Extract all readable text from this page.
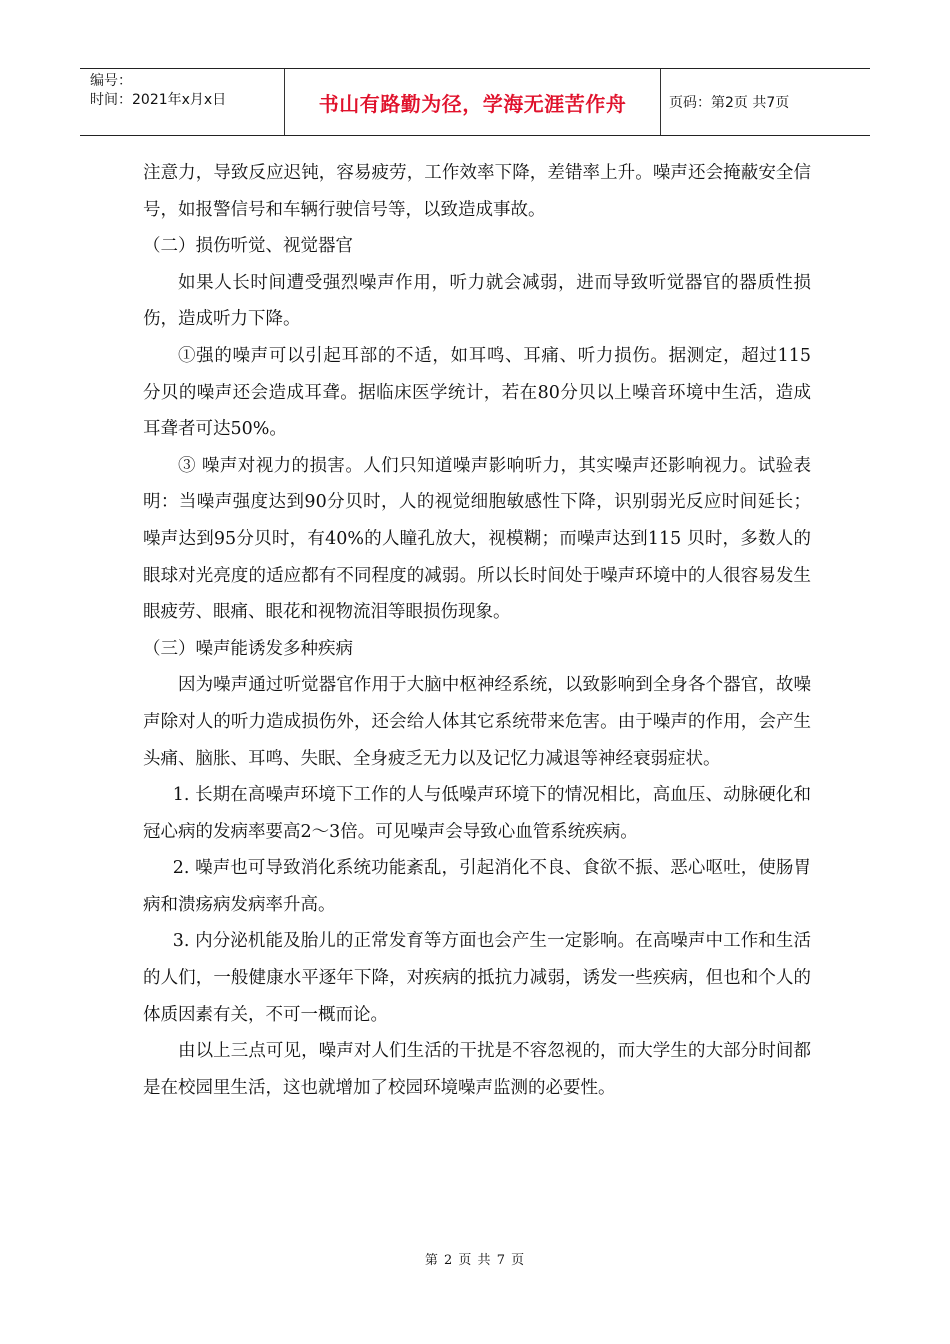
编号：
时间：2021年x月x日	书山有路勤为径，学海无涯苦作舟	页码：第2页 共7页

注意力，导致反应迟钝，容易疲劳，工作效率下降，差错率上升。噪声还会掩蔽安全信号，如报警信号和车辆行驶信号等，以致造成事故。

（二）损伤听觉、视觉器官

如果人长时间遭受强烈噪声作用，听力就会减弱，进而导致听觉器官的器质性损伤，造成听力下降。

①强的噪声可以引起耳部的不适，如耳鸣、耳痛、听力损伤。据测定，超过115 分贝的噪声还会造成耳聋。据临床医学统计，若在80分贝以上噪音环境中生活，造成耳聋者可达50%。

③ 噪声对视力的损害。人们只知道噪声影响听力，其实噪声还影响视力。试验表明：当噪声强度达到90分贝时，人的视觉细胞敏感性下降，识别弱光反应时间延长；噪声达到95分贝时，有40%的人瞳孔放大，视模糊；而噪声达到115 贝时，多数人的眼球对光亮度的适应都有不同程度的减弱。所以长时间处于噪声环境中的人很容易发生眼疲劳、眼痛、眼花和视物流泪等眼损伤现象。

（三）噪声能诱发多种疾病

因为噪声通过听觉器官作用于大脑中枢神经系统，以致影响到全身各个器官，故噪声除对人的听力造成损伤外，还会给人体其它系统带来危害。由于噪声的作用，会产生头痛、脑胀、耳鸣、失眠、全身疲乏无力以及记忆力减退等神经衰弱症状。

1. 长期在高噪声环境下工作的人与低噪声环境下的情况相比，高血压、动脉硬化和冠心病的发病率要高2～3倍。可见噪声会导致心血管系统疾病。

2. 噪声也可导致消化系统功能紊乱，引起消化不良、食欲不振、恶心呕吐，使肠胃病和溃疡病发病率升高。

3. 内分泌机能及胎儿的正常发育等方面也会产生一定影响。在高噪声中工作和生活的人们，一般健康水平逐年下降，对疾病的抵抗力减弱，诱发一些疾病，但也和个人的体质因素有关，不可一概而论。

由以上三点可见，噪声对人们生活的干扰是不容忽视的，而大学生的大部分时间都是在校园里生活，这也就增加了校园环境噪声监测的必要性。

第 2 页 共 7 页
